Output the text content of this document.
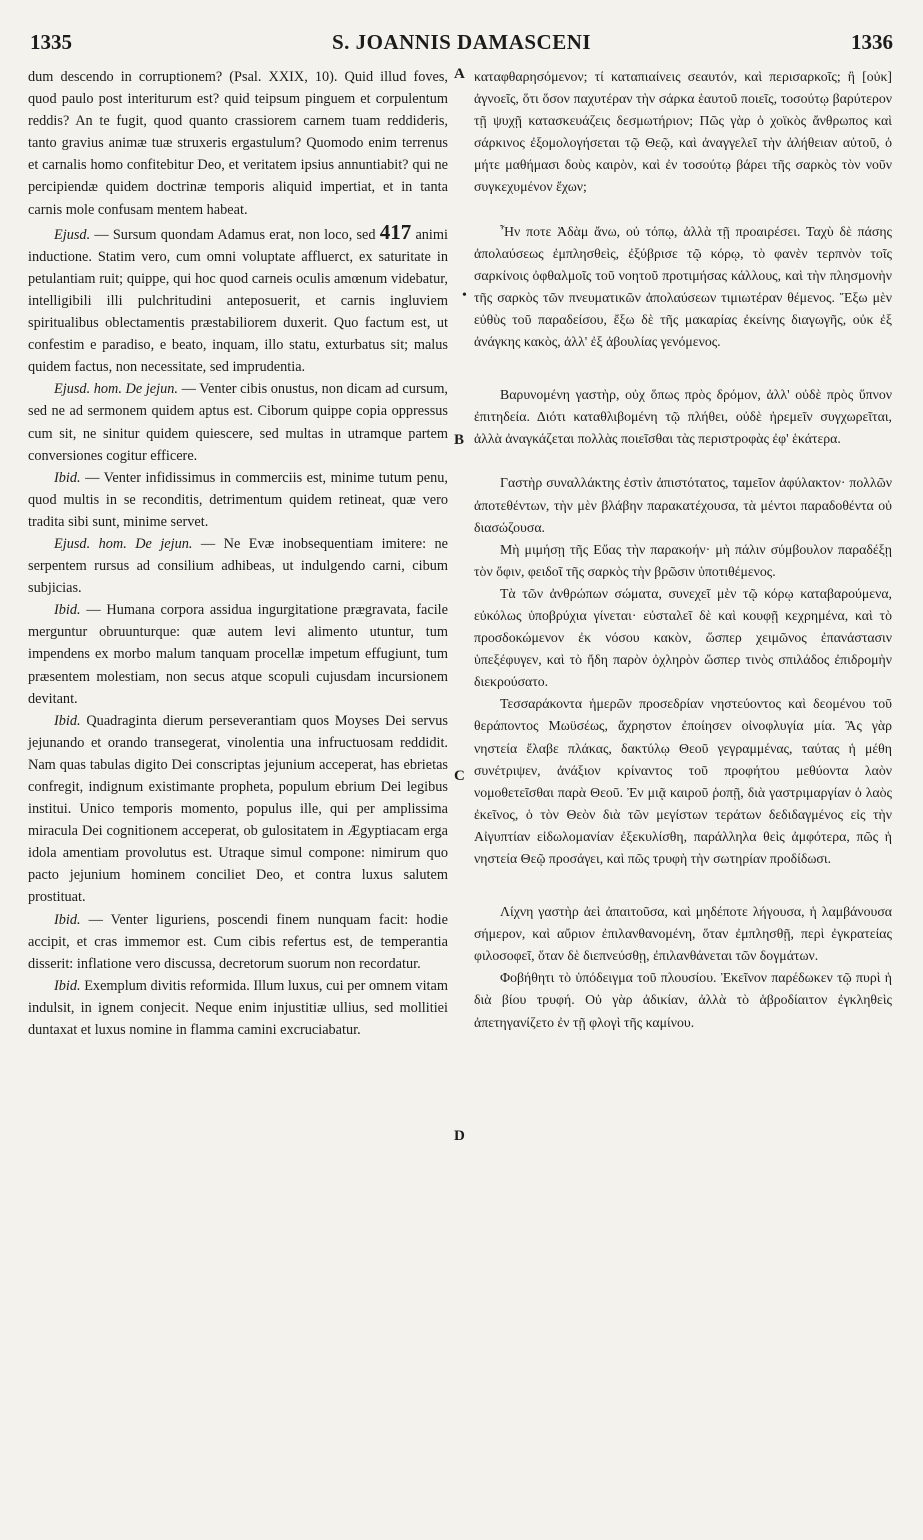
1335	S. JOANNIS DAMASCENI	1336

dum descendo in corruptionem? (Psal. XXIX, 10). Quid illud foves, quod paulo post interiturum est? quid teipsum pinguem et corpulentum reddis? An te fugit, quod quanto crassiorem carnem tuam reddideris, tanto gravius animæ tuæ struxeris ergastulum? Quomodo enim terrenus et carnalis homo confitebitur Deo, et veritatem ipsius annuntiabit? qui ne percipiendæ quidem doctrinæ temporis aliquid impertiat, et in tanta carnis mole confusam mentem habeat.

Ejusd. — Sursum quondam Adamus erat, non loco, sed 417 animi inductione. Statim vero, cum omni voluptate affluerct, ex saturitate in petulantiam ruit; quippe, qui hoc quod carneis oculis amœnum videbatur, intelligibili illi pulchritudini anteposuerit, et carnis ingluviem spiritualibus oblectamentis præstabiliorem duxerit. Quo factum est, ut confestim e paradiso, e beato, inquam, illo statu, exturbatus sit; malus quidem factus, non necessitate, sed imprudentia.

Ejusd. hom. De jejun. — Venter cibis onustus, non dicam ad cursum, sed ne ad sermonem quidem aptus est. Ciborum quippe copia oppressus cum sit, ne sinitur quidem quiescere, sed multas in utramque partem conversiones cogitur efficere.

Ibid. — Venter infidissimus in commerciis est, minime tutum penu, quod multis in se reconditis, detrimentum quidem retineat, quæ vero tradita sibi sunt, minime servet.

Ejusd. hom. De jejun. — Ne Evæ inobsequentiam imitere: ne serpentem rursus ad consilium adhibeas, ut indulgendo carni, cibum subjicias.

Ibid. — Humana corpora assidua ingurgitatione prægravata, facile merguntur obruunturque: quæ autem levi alimento utuntur, tum impendens ex morbo malum tanquam procellæ impetum effugiunt, tum præsentem molestiam, non secus atque scopuli cujusdam incursionem devitant.

Ibid. Quadraginta dierum perseverantiam quos Moyses Dei servus jejunando et orando transegerat, vinolentia una infructuosam reddidit. Nam quas tabulas digito Dei conscriptas jejunium acceperat, has ebrietas confregit, indignum existimante propheta, populum ebrium Dei legibus institui. Unico temporis momento, populus ille, qui per amplissima miracula Dei cognitionem acceperat, ob gulositatem in Ægyptiacam erga idola amentiam provolutus est. Utraque simul compone: nimirum quo pacto jejunium hominem conciliet Deo, et contra luxus salutem prostituat.

Ibid. — Venter liguriens, poscendi finem nunquam facit: hodie accipit, et cras immemor est. Cum cibis refertus est, de temperantia disserit: inflatione vero discussa, decretorum suorum non recordatur.

Ibid. Exemplum divitis reformida. Illum luxus, cui per omnem vitam indulsit, in ignem conjecit. Neque enim injustitiæ ullius, sed mollitiei duntaxat et luxus nomine in flamma camini excruciabatur.

A
B
C
D
•

καταφθαρησόμενον; τί καταπιαίνεις σεαυτόν, καὶ περισαρκοῖς; ἢ [οὐκ] ἀγνοεῖς, ὅτι ὅσον παχυτέραν τὴν σάρκα ἑαυτοῦ ποιεῖς, τοσούτῳ βαρύτερον τῇ ψυχῇ κατασκευάζεις δεσμωτήριον; Πῶς γὰρ ὁ χοϊκὸς ἄνθρωπος καὶ σάρκινος ἐξομολογήσεται τῷ Θεῷ, καὶ ἀναγγελεῖ τὴν ἀλήθειαν αὐτοῦ, ὁ μήτε μαθήμασι δοὺς καιρὸν, καὶ ἐν τοσούτῳ βάρει τῆς σαρκὸς τὸν νοῦν συγκεχυμένον ἔχων;

Ἦν ποτε Ἀδὰμ ἄνω, οὐ τόπῳ, ἀλλὰ τῇ προαιρέσει. Ταχὺ δὲ πάσης ἀπολαύσεως ἐμπλησθεὶς, ἐξύβρισε τῷ κόρῳ, τὸ φανὲν τερπνὸν τοῖς σαρκίνοις ὀφθαλμοῖς τοῦ νοητοῦ προτιμήσας κάλλους, καὶ τὴν πλησμονὴν τῆς σαρκὸς τῶν πνευματικῶν ἀπολαύσεων τιμιωτέραν θέμενος. Ἔξω μὲν εὐθὺς τοῦ παραδείσου, ἔξω δὲ τῆς μακαρίας ἐκείνης διαγωγῆς, οὐκ ἐξ ἀνάγκης κακὸς, ἀλλ' ἐξ ἀβουλίας γενόμενος.

Βαρυνομένη γαστὴρ, οὐχ ὅπως πρὸς δρόμον, ἀλλ' οὐδὲ πρὸς ὕπνον ἐπιτηδεία. Διότι καταθλιβομένη τῷ πλήθει, οὐδὲ ἠρεμεῖν συγχωρεῖται, ἀλλὰ ἀναγκάζεται πολλὰς ποιεῖσθαι τὰς περιστροφὰς ἐφ' ἑκάτερα.

Γαστὴρ συναλλάκτης ἐστὶν ἀπιστότατος, ταμεῖον ἀφύλακτον· πολλῶν ἀποτεθέντων, τὴν μὲν βλάβην παρακατέχουσα, τὰ μέντοι παραδοθέντα οὐ διασώζουσα.

Μὴ μιμήσῃ τῆς Εὔας τὴν παρακοήν· μὴ πάλιν σύμβουλον παραδέξῃ τὸν ὄφιν, φειδοῖ τῆς σαρκὸς τὴν βρῶσιν ὑποτιθέμενος.

Τὰ τῶν ἀνθρώπων σώματα, συνεχεῖ μὲν τῷ κόρῳ καταβαρούμενα, εὐκόλως ὑποβρύχια γίνεται· εὐσταλεῖ δὲ καὶ κουφῇ κεχρημένα, καὶ τὸ προσδοκώμενον ἐκ νόσου κακὸν, ὥσπερ χειμῶνος ἐπανάστασιν ὑπεξέφυγεν, καὶ τὸ ἤδη παρὸν ὀχληρὸν ὥσπερ τινὸς σπιλάδος ἐπιδρομὴν διεκρούσατο.

Τεσσαράκοντα ἡμερῶν προσεδρίαν νηστεύοντος καὶ δεομένου τοῦ θεράποντος Μωϋσέως, ἄχρηστον ἐποίησεν οἰνοφλυγία μία. Ἃς γὰρ νηστεία ἔλαβε πλάκας, δακτύλῳ Θεοῦ γεγραμμένας, ταύτας ἡ μέθη συνέτριψεν, ἀνάξιον κρίναντος τοῦ προφήτου μεθύοντα λαὸν νομοθετεῖσθαι παρὰ Θεοῦ. Ἐν μιᾷ καιροῦ ῥοπῇ, διὰ γαστριμαργίαν ὁ λαὸς ἐκεῖνος, ὁ τὸν Θεὸν διὰ τῶν μεγίστων τεράτων δεδιδαγμένος εἰς τὴν Αἰγυπτίαν εἰδωλομανίαν ἐξεκυλίσθη, παράλληλα θεὶς ἀμφότερα, πῶς ἡ νηστεία Θεῷ προσάγει, καὶ πῶς τρυφὴ τὴν σωτηρίαν προδίδωσι.

Λίχνη γαστὴρ ἀεὶ ἀπαιτοῦσα, καὶ μηδέποτε λήγουσα, ἡ λαμβάνουσα σήμερον, καὶ αὔριον ἐπιλανθανομένη, ὅταν ἐμπλησθῇ, περὶ ἐγκρατείας φιλοσοφεῖ, ὅταν δὲ διεπνεύσθῃ, ἐπιλανθάνεται τῶν δογμάτων.

Φοβήθητι τὸ ὑπόδειγμα τοῦ πλουσίου. Ἐκεῖνον παρέδωκεν τῷ πυρὶ ἡ διὰ βίου τρυφή. Οὐ γὰρ ἀδικίαν, ἀλλὰ τὸ ἁβροδίαιτον ἐγκληθεὶς ἀπετηγανίζετο ἐν τῇ φλογὶ τῆς καμίνου.
